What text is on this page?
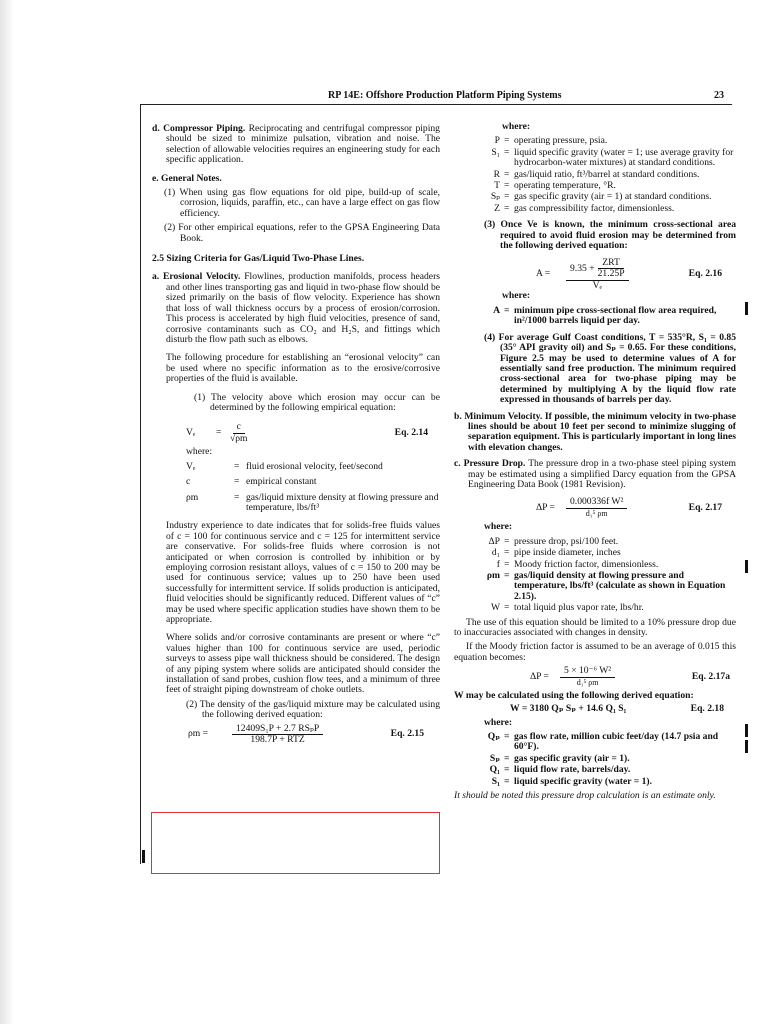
RP 14E: Offshore Production Platform Piping Systems	23

d. Compressor Piping. Reciprocating and centrifugal compressor piping should be sized to minimize pulsation, vibration and noise. The selection of allowable velocities requires an engineering study for each specific application.

e. General Notes.

(1) When using gas flow equations for old pipe, build-up of scale, corrosion, liquids, paraffin, etc., can have a large effect on gas flow efficiency.

(2) For other empirical equations, refer to the GPSA Engineering Data Book.

2.5 Sizing Criteria for Gas/Liquid Two-Phase Lines.

a. Erosional Velocity. Flowlines, production manifolds, process headers and other lines transporting gas and liquid in two-phase flow should be sized primarily on the basis of flow velocity. Experience has shown that loss of wall thickness occurs by a process of erosion/corrosion. This process is accelerated by high fluid velocities, presence of sand, corrosive contaminants such as CO₂ and H₂S, and fittings which disturb the flow path such as elbows.

The following procedure for establishing an “erosional velocity” can be used where no specific information as to the erosive/corrosive properties of the fluid is available.

(1) The velocity above which erosion may occur can be determined by the following empirical equation:

Vₑ	= $\frac{c}{√\rho m}$	Eq. 2.14

where:

Vₑ	= fluid erosional velocity, feet/second
c	= empirical constant
ρm	= gas/liquid mixture density at flowing pressure and temperature, lbs/ft³

Industry experience to date indicates that for solids-free fluids values of c = 100 for continuous service and c = 125 for intermittent service are conservative. For solids-free fluids where corrosion is not anticipated or when corrosion is controlled by inhibition or by employing corrosion resistant alloys, values of c = 150 to 200 may be used for continuous service; values up to 250 have been used successfully for intermittent service. If solids production is anticipated, fluid velocities should be significantly reduced. Different values of “c” may be used where specific application studies have shown them to be appropriate.

Where solids and/or corrosive contaminants are present or where “c” values higher than 100 for continuous service are used, periodic surveys to assess pipe wall thickness should be considered. The design of any piping system where solids are anticipated should consider the installation of sand probes, cushion flow tees, and a minimum of three feet of straight piping downstream of choke outlets.

(2) The density of the gas/liquid mixture may be calculated using the following derived equation:

ρm =	$\frac{\text{12409S₁P + 2.7 RSₚP}}{\text{198.7P + RTZ}}$	Eq. 2.15

where:

P = operating pressure, psia.
S₁ = liquid specific gravity (water = 1; use average gravity for hydrocarbon-water mixtures) at standard conditions.
R = gas/liquid ratio, ft³/barrel at standard conditions.
T = operating temperature, °R.
Sₚ = gas specific gravity (air = 1) at standard conditions.
Z = gas compressibility factor, dimensionless.

(3) Once Ve is known, the minimum cross-sectional area required to avoid fluid erosion may be determined from the following derived equation:

A =	$\frac{9.35 + \frac{\text{ZRT}}{21.25P}}{\text{Vₑ}}$	Eq. 2.16

where:

A = minimum pipe cross-sectional flow area required, in²/1000 barrels liquid per day.

(4) For average Gulf Coast conditions, T = 535°R, S₁ = 0.85 (35° API gravity oil) and Sₚ = 0.65. For these conditions, Figure 2.5 may be used to determine values of A for essentially sand free production. The minimum required cross-sectional area for two-phase piping may be determined by multiplying A by the liquid flow rate expressed in thousands of barrels per day.

b. Minimum Velocity. If possible, the minimum velocity in two-phase lines should be about 10 feet per second to minimize slugging of separation equipment. This is particularly important in long lines with elevation changes.

c. Pressure Drop. The pressure drop in a two-phase steel piping system may be estimated using a simplified Darcy equation from the GPSA Engineering Data Book (1981 Revision).

ΔP =	$\frac{\text{0.000336f W²}}{\text{d₁⁵ ρm}}$	Eq. 2.17

where:

ΔP = pressure drop, psi/100 feet.
d₁ = pipe inside diameter, inches
f = Moody friction factor, dimensionless.
ρm = gas/liquid density at flowing pressure and temperature, lbs/ft³ (calculate as shown in Equation 2.15).
W = total liquid plus vapor rate, lbs/hr.

The use of this equation should be limited to a 10% pressure drop due to inaccuracies associated with changes in density.

If the Moody friction factor is assumed to be an average of 0.015 this equation becomes:

ΔP =	$\frac{\text{5 × 10⁻⁶ W²}}{\text{d₁⁵ ρm}}$	Eq. 2.17a

W may be calculated using the following derived equation:

W = 3180 Qₚ Sₚ + 14.6 Q₁ S₁	Eq. 2.18

where:

Qₚ = gas flow rate, million cubic feet/day (14.7 psia and 60°F).
Sₚ = gas specific gravity (air = 1).
Q₁ = liquid flow rate, barrels/day.
S₁ = liquid specific gravity (water = 1).

It should be noted this pressure drop calculation is an estimate only.
